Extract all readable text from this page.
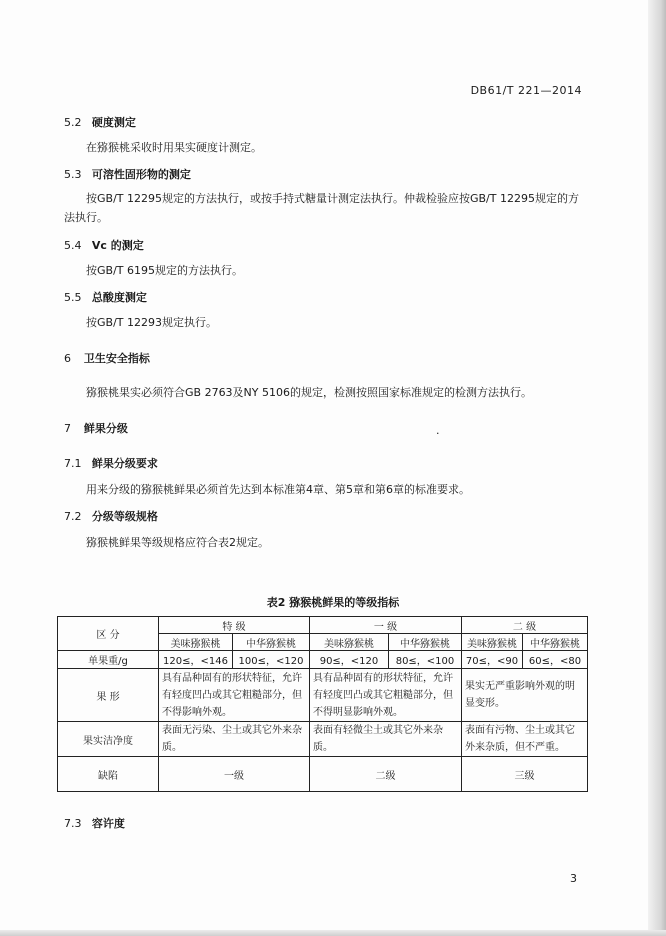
DB61/T 221—2014
5.2 硬度测定
在猕猴桃采收时用果实硬度计测定。
5.3 可溶性固形物的测定
按GB/T 12295规定的方法执行，或按手持式糖量计测定法执行。仲裁检验应按GB/T 12295规定的方法执行。
5.4 Vc 的测定
按GB/T 6195规定的方法执行。
5.5 总酸度测定
按GB/T 12293规定执行。
6 卫生安全指标
猕猴桃果实必须符合GB 2763及NY 5106的规定，检测按照国家标准规定的检测方法执行。
7 鲜果分级	.
7.1 鲜果分级要求
用来分级的猕猴桃鲜果必须首先达到本标准第4章、第5章和第6章的标准要求。
7.2 分级等级规格
猕猴桃鲜果等级规格应符合表2规定。
表2 猕猴桃鲜果的等级指标
区 分	特 级		一 级		二 级	
	美味猕猴桃	中华猕猴桃	美味猕猴桃	中华猕猴桃	美味猕猴桃	中华猕猴桃
单果重/g	120≤，<146	100≤，<120	90≤，<120	80≤，<100	70≤，<90	60≤，<80
果 形	具有品种固有的形状特征，允许有轻度凹凸或其它粗糙部分，但不得影响外观。		具有品种固有的形状特征，允许有轻度凹凸或其它粗糙部分，但不得明显影响外观。		果实无严重影响外观的明显变形。	
果实洁净度	表面无污染、尘土或其它外来杂质。		表面有轻微尘土或其它外来杂质。		表面有污物、尘土或其它外来杂质，但不严重。	
缺陷	一级		二级		三级	
7.3 容许度
3
